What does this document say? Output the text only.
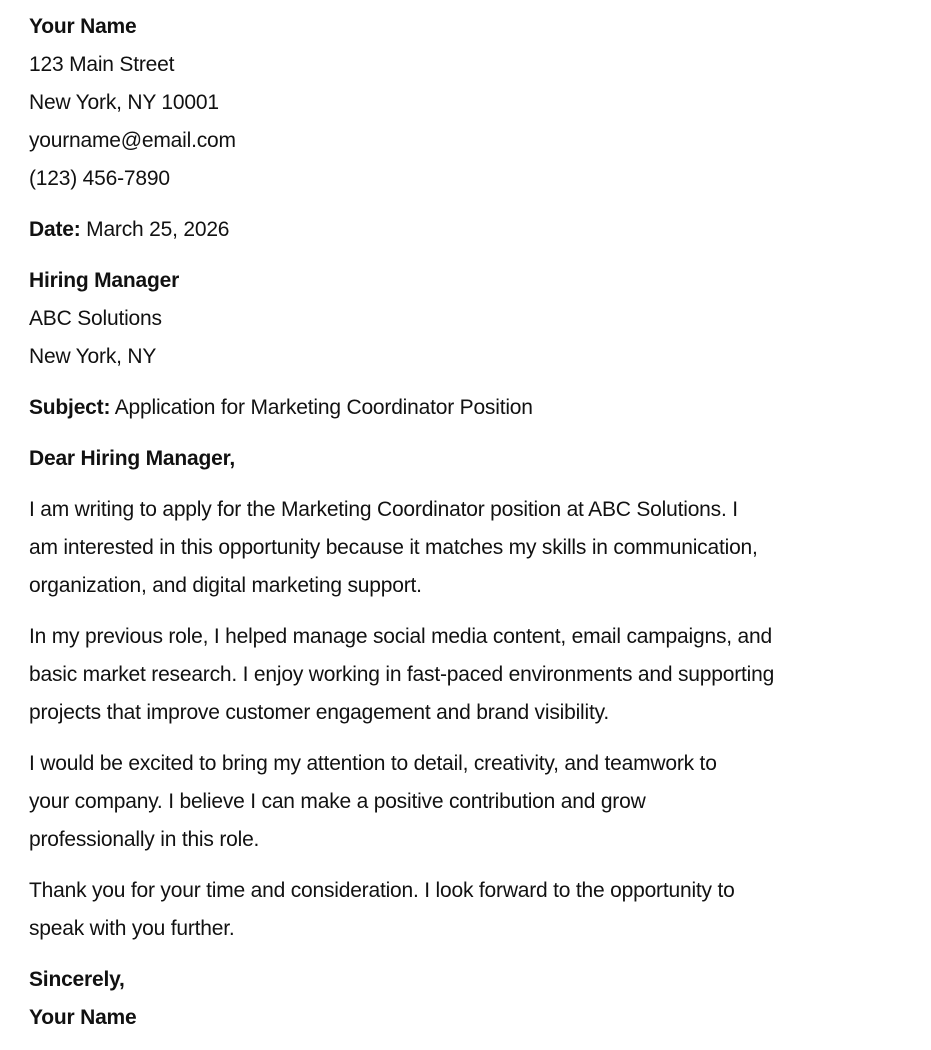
Your Name
123 Main Street
New York, NY 10001
yourname@email.com
(123) 456-7890
Date: March 25, 2026
Hiring Manager
ABC Solutions
New York, NY
Subject: Application for Marketing Coordinator Position
Dear Hiring Manager,

I am writing to apply for the Marketing Coordinator position at ABC Solutions. I
am interested in this opportunity because it matches my skills in communication,
organization, and digital marketing support.

In my previous role, I helped manage social media content, email campaigns, and
basic market research. I enjoy working in fast-paced environments and supporting
projects that improve customer engagement and brand visibility.

I would be excited to bring my attention to detail, creativity, and teamwork to
your company. I believe I can make a positive contribution and grow
professionally in this role.

Thank you for your time and consideration. I look forward to the opportunity to
speak with you further.

Sincerely,
Your Name
